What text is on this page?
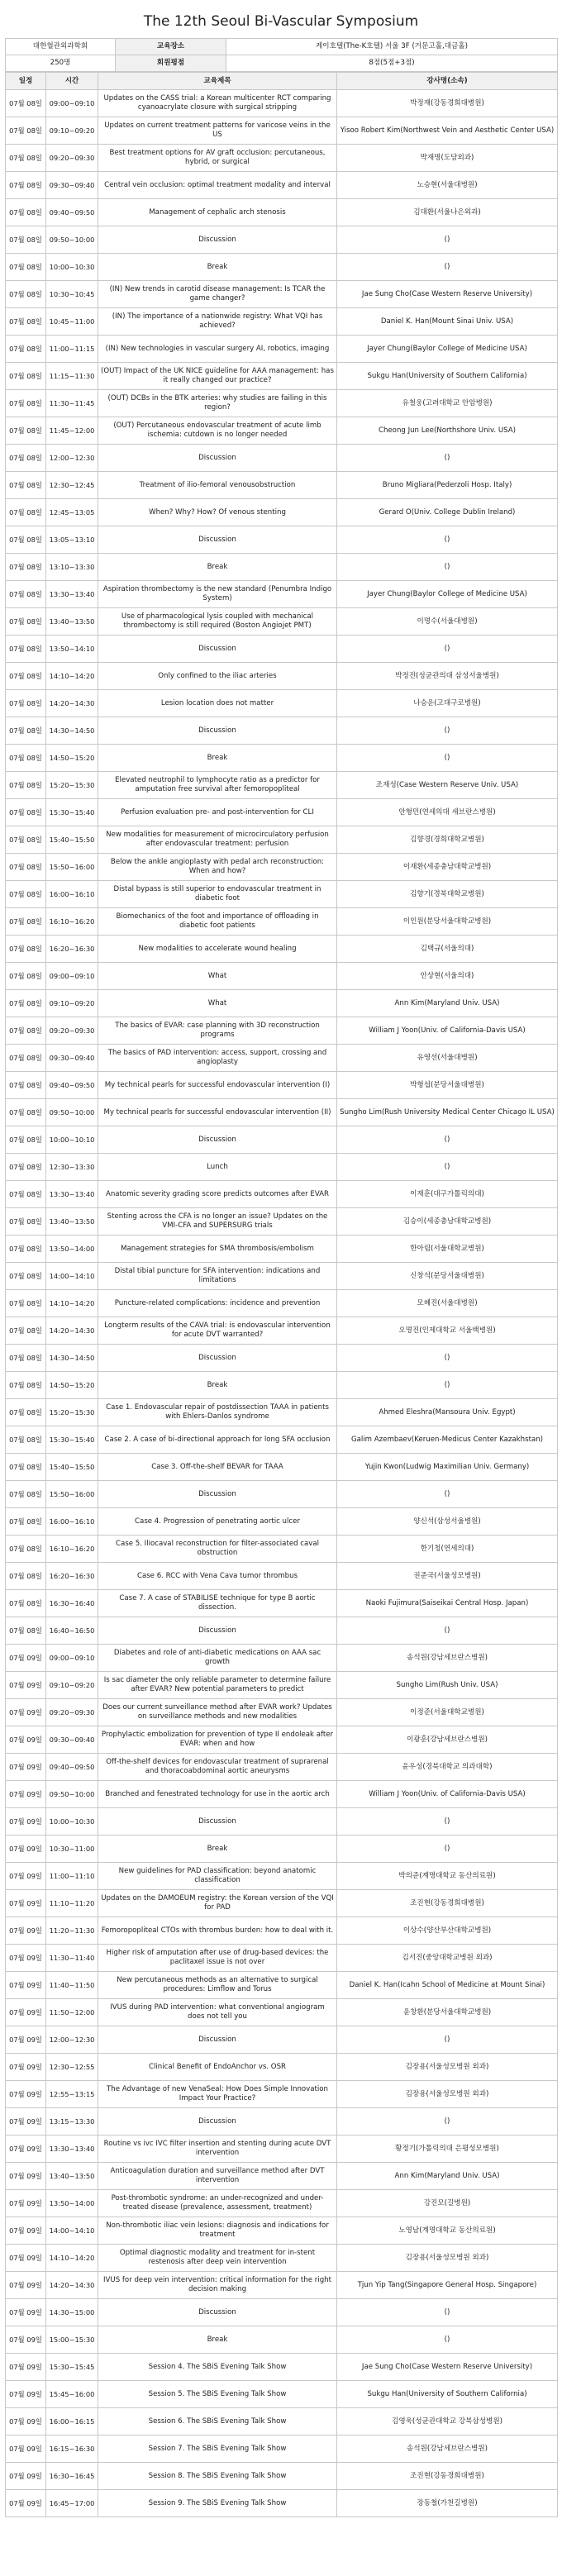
The 12th Seoul Bi-Vascular Symposium
대한혈관외과학회	교육장소	케이호텔(The-K호텔) 서울 3F (거문고홀,대금홀)
250명	회원평점	8점(5점+3점)
일정	시간	교육제목	강사명(소속)
07월 08일	09:00~09:10	Updates on the CASS trial: a Korean multicenter RCT comparing cyanoacrylate closure with surgical stripping	박정재(강동경희대병원)
07월 08일	09:10~09:20	Updates on current treatment patterns for varicose veins in the US	Yisoo Robert Kim(Northwest Vein and Aesthetic Center USA)
07월 08일	09:20~09:30	Best treatment options for AV graft occlusion: percutaneous, hybrid, or surgical	박재명(도담외과)
07월 08일	09:30~09:40	Central vein occlusion: optimal treatment modality and interval	노승현(서울대병원)
07월 08일	09:40~09:50	Management of cephalic arch stenosis	김대환(서울나은외과)
07월 08일	09:50~10:00	Discussion	()
07월 08일	10:00~10:30	Break	()
07월 08일	10:30~10:45	(IN) New trends in carotid disease management: Is TCAR the game changer?	Jae Sung Cho(Case Western Reserve University)
07월 08일	10:45~11:00	(IN) The importance of a nationwide registry: What VQI has achieved?	Daniel K. Han(Mount Sinai Univ. USA)
07월 08일	11:00~11:15	(IN) New technologies in vascular surgery AI, robotics, imaging	Jayer Chung(Baylor College of Medicine USA)
07월 08일	11:15~11:30	(OUT) Impact of the UK NICE guideline for AAA management: has it really changed our practice?	Sukgu Han(University of Southern California)
07월 08일	11:30~11:45	(OUT) DCBs in the BTK arteries: why studies are failing in this region?	유철웅(고려대학교 안암병원)
07월 08일	11:45~12:00	(OUT) Percutaneous endovascular treatment of acute limb ischemia: cutdown is no longer needed	Cheong Jun Lee(Northshore Univ. USA)
07월 08일	12:00~12:30	Discussion	()
07월 08일	12:30~12:45	Treatment of ilio-femoral venousobstruction	Bruno Migliara(Pederzoli Hosp. Italy)
07월 08일	12:45~13:05	When? Why? How? Of venous stenting	Gerard O(Univ. College Dublin Ireland)
07월 08일	13:05~13:10	Discussion	()
07월 08일	13:10~13:30	Break	()
07월 08일	13:30~13:40	Aspiration thrombectomy is the new standard (Penumbra Indigo System)	Jayer Chung(Baylor College of Medicine USA)
07월 08일	13:40~13:50	Use of pharmacological lysis coupled with mechanical thrombectomy is still required (Boston Angiojet PMT)	이명수(서울대병원)
07월 08일	13:50~14:10	Discussion	()
07월 08일	14:10~14:20	Only confined to the iliac arteries	박정진(성균관의대 삼성서울병원)
07월 08일	14:20~14:30	Lesion location does not matter	나승운(고대구로병원)
07월 08일	14:30~14:50	Discussion	()
07월 08일	14:50~15:20	Break	()
07월 08일	15:20~15:30	Elevated neutrophil to lymphocyte ratio as a predictor for amputation free survival after femoropopliteal	조재성(Case Western Reserve Univ. USA)
07월 08일	15:30~15:40	Perfusion evaluation pre- and post-intervention for CLI	안형민(연세의대 세브란스병원)
07월 08일	15:40~15:50	New modalities for measurement of microcirculatory perfusion after endovascular treatment: perfusion	김향경(경희대학교병원)
07월 08일	15:50~16:00	Below the ankle angioplasty with pedal arch reconstruction: When and how?	이재환(세종충남대학교병원)
07월 08일	16:00~16:10	Distal bypass is still superior to endovascular treatment in diabetic foot	김향기(경북대학교병원)
07월 08일	16:10~16:20	Biomechanics of the foot and importance of offloading in diabetic foot patients	이인원(분당서울대학교병원)
07월 08일	16:20~16:30	New modalities to accelerate wound healing	김택규(서울의대)
07월 08일	09:00~09:10	What	안상현(서울의대)
07월 08일	09:10~09:20	What	Ann Kim(Maryland Univ. USA)
07월 08일	09:20~09:30	The basics of EVAR: case planning with 3D reconstruction programs	William J Yoon(Univ. of California-Davis USA)
07월 08일	09:30~09:40	The basics of PAD intervention: access, support, crossing and angioplasty	유영선(서울대병원)
07월 08일	09:40~09:50	My technical pearls for successful endovascular intervention (I)	박형섭(분당서울대병원)
07월 08일	09:50~10:00	My technical pearls for successful endovascular intervention (II)	Sungho Lim(Rush University Medical Center Chicago IL USA)
07월 08일	10:00~10:10	Discussion	()
07월 08일	12:30~13:30	Lunch	()
07월 08일	13:30~13:40	Anatomic severity grading score predicts outcomes after EVAR	이재훈(대구가톨릭의대)
07월 08일	13:40~13:50	Stenting across the CFA is no longer an issue? Updates on the VMI-CFA and SUPERSURG trials	김승이(세종충남대학교병원)
07월 08일	13:50~14:00	Management strategies for SMA thrombosis/embolism	한아림(서울대학교병원)
07월 08일	14:00~14:10	Distal tibial puncture for SFA intervention: indications and limitations	신창석(분당서울대병원)
07월 08일	14:10~14:20	Puncture-related complications: incidence and prevention	모혜진(서울대병원)
07월 08일	14:20~14:30	Longterm results of the CAVA trial: is endovascular intervention for acute DVT warranted?	오명진(인제대학교 서울백병원)
07월 08일	14:30~14:50	Discussion	()
07월 08일	14:50~15:20	Break	()
07월 08일	15:20~15:30	Case 1. Endovascular repair of postdissection TAAA in patients with Ehlers-Danlos syndrome	Ahmed Eleshra(Mansoura Univ. Egypt)
07월 08일	15:30~15:40	Case 2. A case of bi-directional approach for long SFA occlusion	Galim Azembaev(Keruen-Medicus Center Kazakhstan)
07월 08일	15:40~15:50	Case 3. Off-the-shelf BEVAR for TAAA	Yujin Kwon(Ludwig Maximilian Univ. Germany)
07월 08일	15:50~16:00	Discussion	()
07월 08일	16:00~16:10	Case 4. Progression of penetrating aortic ulcer	양신석(삼성서울병원)
07월 08일	16:10~16:20	Case 5. Iliocaval reconstruction for filter-associated caval obstruction	한기청(연세의대)
07월 08일	16:20~16:30	Case 6. RCC with Vena Cava tumor thrombus	권준국(서울성모병원)
07월 08일	16:30~16:40	Case 7. A case of STABILISE technique for type B aortic dissection.	Naoki Fujimura(Saiseikai Central Hosp. Japan)
07월 08일	16:40~16:50	Discussion	()
07월 09일	09:00~09:10	Diabetes and role of anti-diabetic medications on AAA sac growth	송석원(강남세브란스병원)
07월 09일	09:10~09:20	Is sac diameter the only reliable parameter to determine failure after EVAR? New potential parameters to predict	Sungho Lim(Rush Univ. USA)
07월 09일	09:20~09:30	Does our current surveillance method after EVAR work? Updates on surveillance methods and new modalities	이정준(서울대학교병원)
07월 09일	09:30~09:40	Prophylactic embolization for prevention of type II endoleak after EVAR: when and how	이광훈(강남세브란스병원)
07월 09일	09:40~09:50	Off-the-shelf devices for endovascular treatment of suprarenal and thoracoabdominal aortic aneurysms	윤우성(경북대학교 의과대학)
07월 09일	09:50~10:00	Branched and fenestrated technology for use in the aortic arch	William J Yoon(Univ. of California-Davis USA)
07월 09일	10:00~10:30	Discussion	()
07월 09일	10:30~11:00	Break	()
07월 09일	11:00~11:10	New guidelines for PAD classification: beyond anatomic classification	박의준(계명대학교 동산의료원)
07월 09일	11:10~11:20	Updates on the DAMOEUM registry: the Korean version of the VQI for PAD	조진현(강동경희대병원)
07월 09일	11:20~11:30	Femoropopliteal CTOs with thrombus burden: how to deal with it.	이상수(양산부산대학교병원)
07월 09일	11:30~11:40	Higher risk of amputation after use of drug-based devices: the paclitaxel issue is not over	김서진(중앙대학교병원 외과)
07월 09일	11:40~11:50	New percutaneous methods as an alternative to surgical procedures: Limflow and Torus	Daniel K. Han(Icahn School of Medicine at Mount Sinai)
07월 09일	11:50~12:00	IVUS during PAD intervention: what conventional angiogram does not tell you	윤창환(분당서울대학교병원)
07월 09일	12:00~12:30	Discussion	()
07월 09일	12:30~12:55	Clinical Benefit of EndoAnchor vs. OSR	김장용(서울성모병원 외과)
07월 09일	12:55~13:15	The Advantage of new VenaSeal: How Does Simple Innovation Impact Your Practice?	김장용(서울성모병원 외과)
07월 09일	13:15~13:30	Discussion	()
07월 09일	13:30~13:40	Routine vs ivc IVC filter insertion and stenting during acute DVT intervention	황정기(가톨릭의대 은평성모병원)
07월 09일	13:40~13:50	Anticoagulation duration and surveillance method after DVT intervention	Ann Kim(Maryland Univ. USA)
07월 09일	13:50~14:00	Post-thrombotic syndrome: an under-recognized and under-treated disease (prevalence, assessment, treatment)	강진모(길병원)
07월 09일	14:00~14:10	Non-thrombotic iliac vein lesions: diagnosis and indications for treatment	노영남(계명대학교 동산의료원)
07월 09일	14:10~14:20	Optimal diagnostic modality and treatment for in-stent restenosis after deep vein intervention	김장용(서울성모병원 외과)
07월 09일	14:20~14:30	IVUS for deep vein intervention: critical information for the right decision making	Tjun Yip Tang(Singapore General Hosp. Singapore)
07월 09일	14:30~15:00	Discussion	()
07월 09일	15:00~15:30	Break	()
07월 09일	15:30~15:45	Session 4. The SBiS Evening Talk Show	Jae Sung Cho(Case Western Reserve University)
07월 09일	15:45~16:00	Session 5. The SBiS Evening Talk Show	Sukgu Han(University of Southern California)
07월 09일	16:00~16:15	Session 6. The SBiS Evening Talk Show	김영욱(성균관대학교 강북삼성병원)
07월 09일	16:15~16:30	Session 7. The SBiS Evening Talk Show	송석원(강남세브란스병원)
07월 09일	16:30~16:45	Session 8. The SBiS Evening Talk Show	조진현(강동경희대병원)
07월 09일	16:45~17:00	Session 9. The SBiS Evening Talk Show	장동철(가천길병원)
